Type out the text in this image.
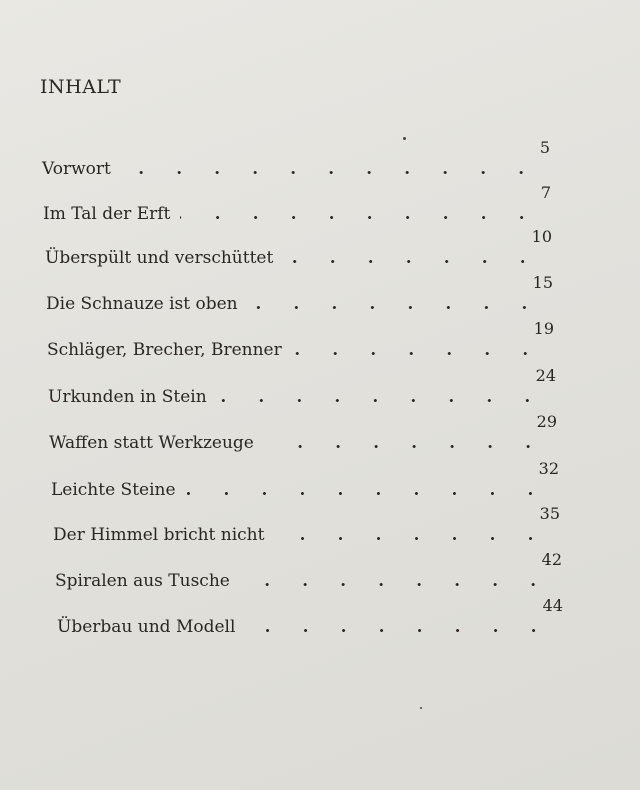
INHALT
Vorwort
5
Im Tal der Erft
7
Überspült und verschüttet
10
Die Schnauze ist oben
15
Schläger, Brecher, Brenner
19
Urkunden in Stein
24
Waffen statt Werkzeuge
29
Leichte Steine
32
Der Himmel bricht nicht
35
Spiralen aus Tusche
42
Überbau und Modell
44
